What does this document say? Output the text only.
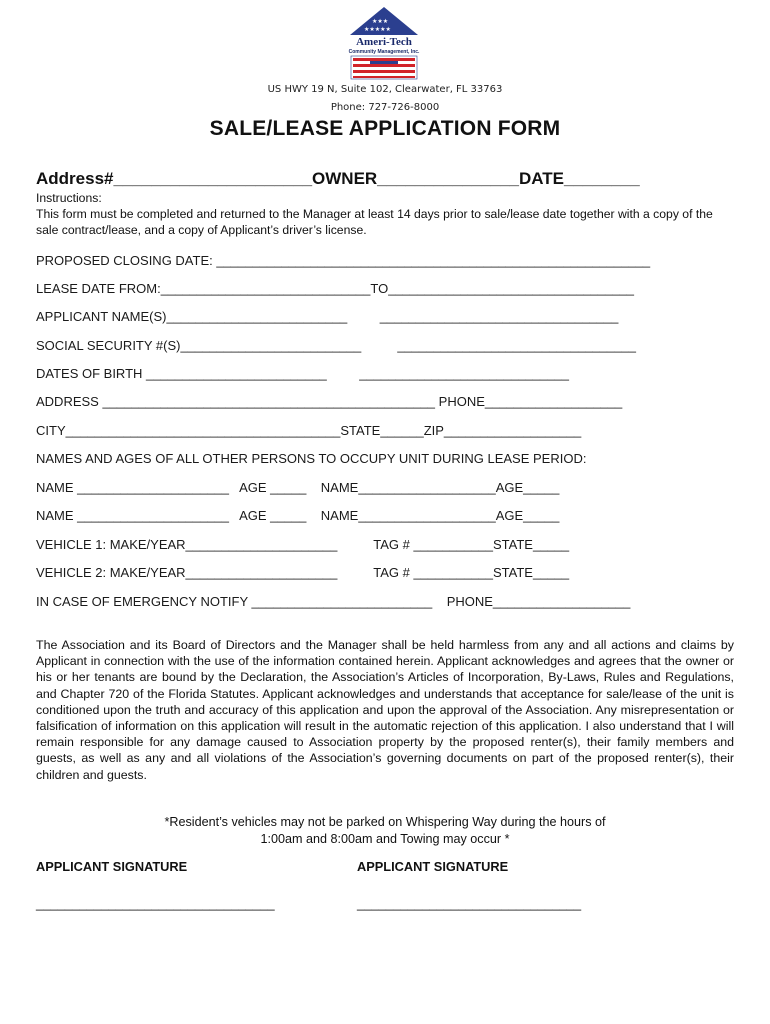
★★★
★★★★★
Ameri-Tech
Community Management, Inc.
US HWY 19 N, Suite 102, Clearwater, FL 33763
Phone: 727-726-8000
SALE/LEASE APPLICATION FORM
Address#_____________________OWNER_______________DATE________
Instructions:
This form must be completed and returned to the Manager at least 14 days prior to sale/lease date together with a copy of the sale contract/lease, and a copy of Applicant’s driver’s license.
PROPOSED CLOSING DATE: ____________________________________________________________
LEASE DATE FROM:_____________________________TO__________________________________
APPLICANT NAME(S)_________________________         _________________________________
SOCIAL SECURITY #(S)_________________________          _________________________________
DATES OF BIRTH _________________________         _____________________________
ADDRESS ______________________________________________ PHONE___________________
CITY______________________________________STATE______ZIP___________________
NAMES AND AGES OF ALL OTHER PERSONS TO OCCUPY UNIT DURING LEASE PERIOD:
NAME _____________________   AGE _____    NAME___________________AGE_____
NAME _____________________   AGE _____    NAME___________________AGE_____
VEHICLE 1: MAKE/YEAR_____________________          TAG # ___________STATE_____
VEHICLE 2: MAKE/YEAR_____________________          TAG # ___________STATE_____
IN CASE OF EMERGENCY NOTIFY _________________________    PHONE___________________
The Association and its Board of Directors and the Manager shall be held harmless from any and all actions and claims by Applicant in connection with the use of the information contained herein. Applicant acknowledges and agrees that the owner or his or her tenants are bound by the Declaration, the Association’s Articles of Incorporation, By-Laws, Rules and Regulations, and Chapter 720 of the Florida Statutes. Applicant acknowledges and understands that acceptance for sale/lease of the unit is conditioned upon the truth and accuracy of this application and upon the approval of the Association. Any misrepresentation or falsification of information on this application will result in the automatic rejection of this application. I also understand that I will remain responsible for any damage caused to Association property by the proposed renter(s), their family members and guests, as well as any and all violations of the Association’s governing documents on part of the proposed renter(s), their children and guests.
*Resident’s vehicles may not be parked on Whispering Way during the hours of
1:00am and 8:00am and Towing may occur *
APPLICANT SIGNATURE	APPLICANT SIGNATURE
_________________________________	_______________________________
